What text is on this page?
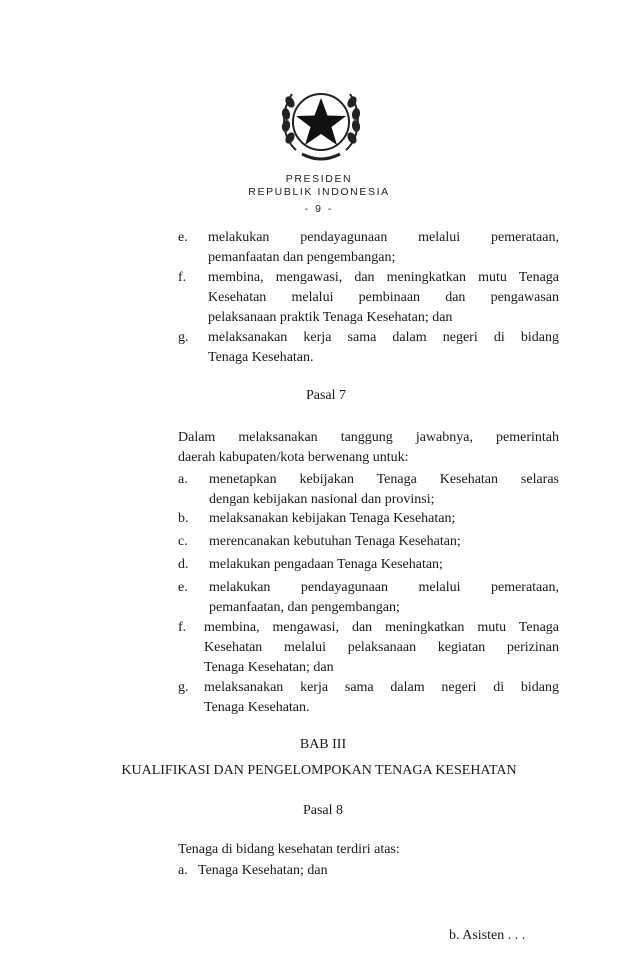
PRESIDEN
REPUBLIK INDONESIA
- 9 -
e. melakukan pendayagunaan melalui pemerataan,
pemanfaatan dan pengembangan;
f. membina, mengawasi, dan meningkatkan mutu Tenaga
Kesehatan melalui pembinaan dan pengawasan
pelaksanaan praktik Tenaga Kesehatan; dan
g. melaksanakan kerja sama dalam negeri di bidang
Tenaga Kesehatan.
Pasal 7
Dalam melaksanakan tanggung jawabnya, pemerintah
daerah kabupaten/kota berwenang untuk:
a. menetapkan kebijakan Tenaga Kesehatan selaras
dengan kebijakan nasional dan provinsi;
b. melaksanakan kebijakan Tenaga Kesehatan;
c. merencanakan kebutuhan Tenaga Kesehatan;
d. melakukan pengadaan Tenaga Kesehatan;
e. melakukan pendayagunaan melalui pemerataan,
pemanfaatan, dan pengembangan;
f. membina, mengawasi, dan meningkatkan mutu Tenaga
Kesehatan melalui pelaksanaan kegiatan perizinan
Tenaga Kesehatan; dan
g. melaksanakan kerja sama dalam negeri di bidang
Tenaga Kesehatan.
BAB III
KUALIFIKASI DAN PENGELOMPOKAN TENAGA KESEHATAN
Pasal 8
Tenaga di bidang kesehatan terdiri atas:
a. Tenaga Kesehatan; dan
b. Asisten . . .
